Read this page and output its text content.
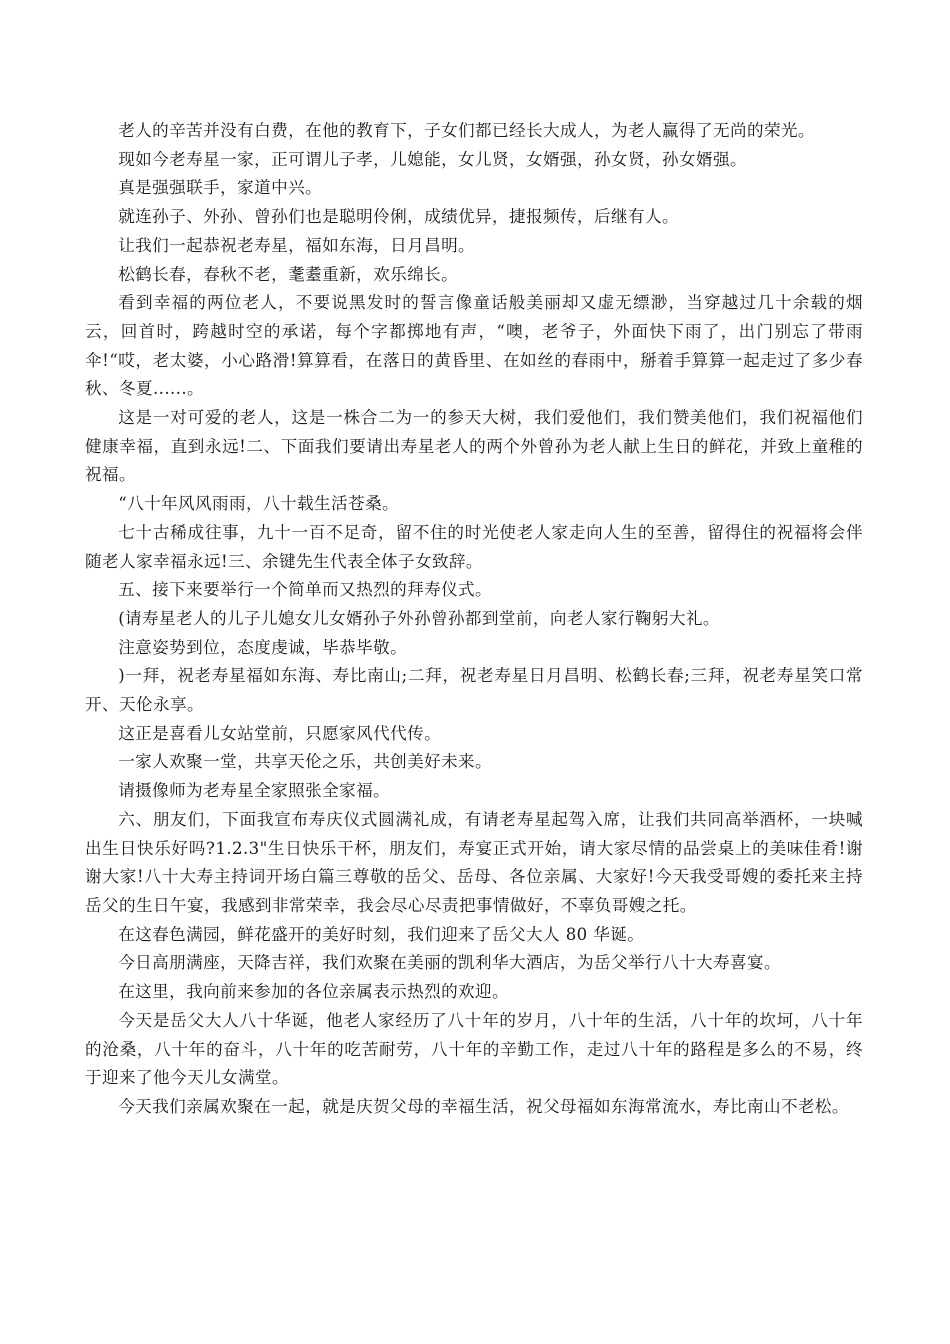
老人的辛苦并没有白费，在他的教育下，子女们都已经长大成人，为老人赢得了无尚的荣光。

现如今老寿星一家，正可谓儿子孝，儿媳能，女儿贤，女婿强，孙女贤，孙女婿强。

真是强强联手，家道中兴。

就连孙子、外孙、曾孙们也是聪明伶俐，成绩优异，捷报频传，后继有人。

让我们一起恭祝老寿星，福如东海，日月昌明。

松鹤长春，春秋不老，耄耋重新，欢乐绵长。

看到幸福的两位老人，不要说黑发时的誓言像童话般美丽却又虚无缥渺，当穿越过几十余载的烟云，回首时，跨越时空的承诺，每个字都掷地有声，“噢，老爷子，外面快下雨了，出门别忘了带雨伞!“哎，老太婆，小心路滑!算算看，在落日的黄昏里、在如丝的春雨中，掰着手算算一起走过了多少春秋、冬夏......。

这是一对可爱的老人，这是一株合二为一的参天大树，我们爱他们，我们赞美他们，我们祝福他们健康幸福，直到永远!二、下面我们要请出寿星老人的两个外曾孙为老人献上生日的鲜花，并致上童稚的祝福。

“八十年风风雨雨，八十载生活苍桑。

七十古稀成往事，九十一百不足奇，留不住的时光使老人家走向人生的至善，留得住的祝福将会伴随老人家幸福永远!三、余键先生代表全体子女致辞。

五、接下来要举行一个简单而又热烈的拜寿仪式。

(请寿星老人的儿子儿媳女儿女婿孙子外孙曾孙都到堂前，向老人家行鞠躬大礼。

注意姿势到位，态度虔诚，毕恭毕敬。

)一拜，祝老寿星福如东海、寿比南山;二拜，祝老寿星日月昌明、松鹤长春;三拜，祝老寿星笑口常开、天伦永享。

这正是喜看儿女站堂前，只愿家风代代传。

一家人欢聚一堂，共享天伦之乐，共创美好未来。

请摄像师为老寿星全家照张全家福。

六、朋友们，下面我宣布寿庆仪式圆满礼成，有请老寿星起驾入席，让我们共同高举酒杯，一块喊出生日快乐好吗?1.2.3"生日快乐干杯，朋友们，寿宴正式开始，请大家尽情的品尝桌上的美味佳肴!谢谢大家!八十大寿主持词开场白篇三尊敬的岳父、岳母、各位亲属、大家好!今天我受哥嫂的委托来主持岳父的生日午宴，我感到非常荣幸，我会尽心尽责把事情做好，不辜负哥嫂之托。

在这春色满园，鲜花盛开的美好时刻，我们迎来了岳父大人 80 华诞。

今日高朋满座，天降吉祥，我们欢聚在美丽的凯利华大酒店，为岳父举行八十大寿喜宴。

在这里，我向前来参加的各位亲属表示热烈的欢迎。

今天是岳父大人八十华诞，他老人家经历了八十年的岁月，八十年的生活，八十年的坎坷，八十年的沧桑，八十年的奋斗，八十年的吃苦耐劳，八十年的辛勤工作，走过八十年的路程是多么的不易，终于迎来了他今天儿女满堂。

今天我们亲属欢聚在一起，就是庆贺父母的幸福生活，祝父母福如东海常流水，寿比南山不老松。
